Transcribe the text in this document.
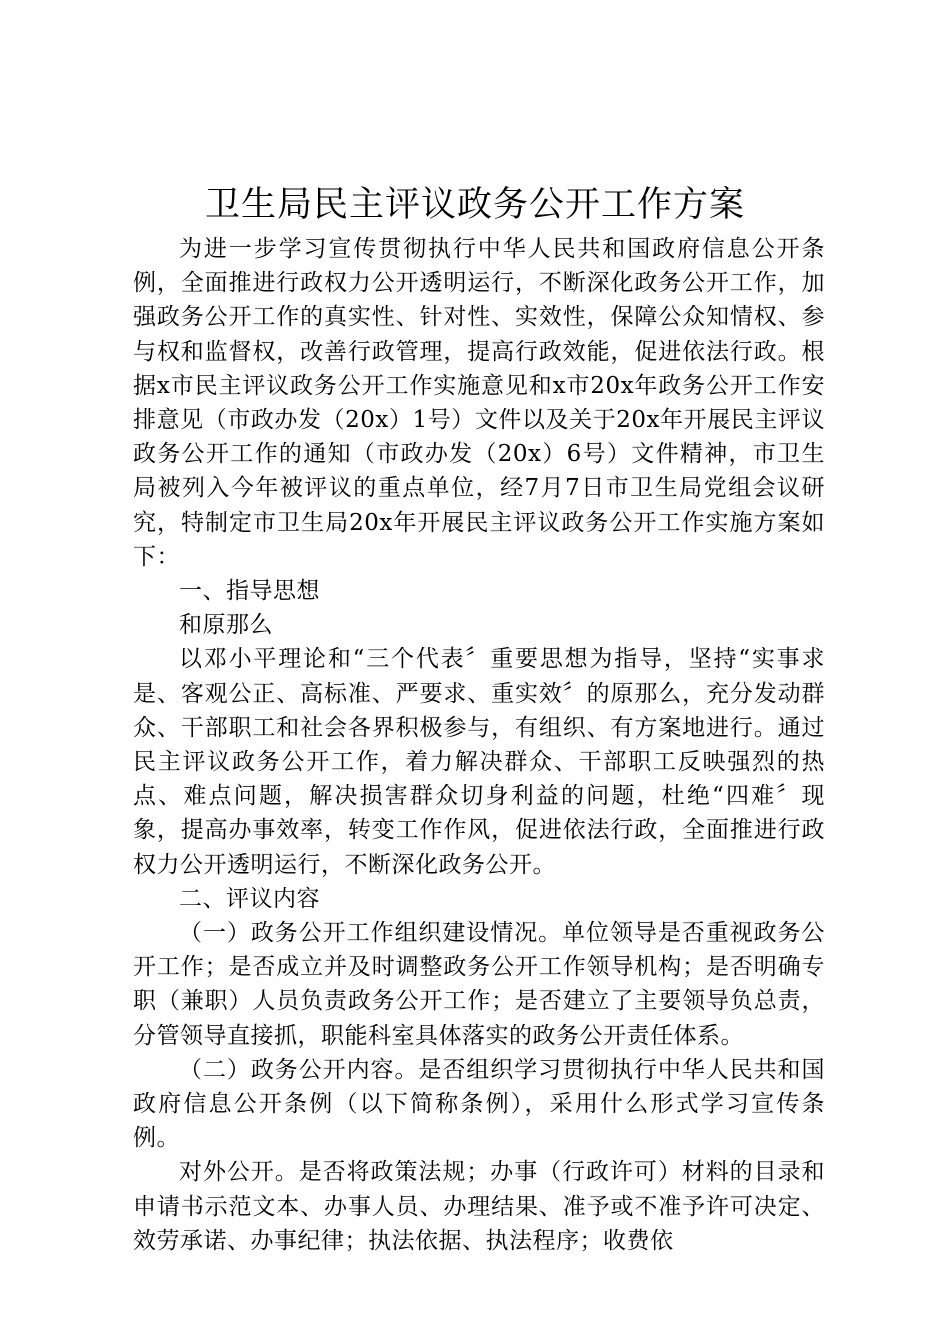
卫生局民主评议政务公开工作方案

为进一步学习宣传贯彻执行中华人民共和国政府信息公开条例，全面推进行政权力公开透明运行，不断深化政务公开工作，加强政务公开工作的真实性、针对性、实效性，保障公众知情权、参与权和监督权，改善行政管理，提高行政效能，促进依法行政。根据x市民主评议政务公开工作实施意见和x市20x年政务公开工作安排意见（市政办发（20x）1号）文件以及关于20x年开展民主评议政务公开工作的通知（市政办发（20x）6号）文件精神，市卫生局被列入今年被评议的重点单位，经7月7日市卫生局党组会议研究，特制定市卫生局20x年开展民主评议政务公开工作实施方案如下：

一、指导思想

和原那么

以邓小平理论和“三个代表〞重要思想为指导，坚持“实事求是、客观公正、高标准、严要求、重实效〞的原那么，充分发动群众、干部职工和社会各界积极参与，有组织、有方案地进行。通过民主评议政务公开工作，着力解决群众、干部职工反映强烈的热点、难点问题，解决损害群众切身利益的问题，杜绝“四难〞现象，提高办事效率，转变工作作风，促进依法行政，全面推进行政权力公开透明运行，不断深化政务公开。

二、评议内容

（一）政务公开工作组织建设情况。单位领导是否重视政务公开工作；是否成立并及时调整政务公开工作领导机构；是否明确专职（兼职）人员负责政务公开工作；是否建立了主要领导负总责，分管领导直接抓，职能科室具体落实的政务公开责任体系。

（二）政务公开内容。是否组织学习贯彻执行中华人民共和国政府信息公开条例（以下简称条例），采用什么形式学习宣传条例。

对外公开。是否将政策法规；办事（行政许可）材料的目录和申请书示范文本、办事人员、办理结果、准予或不准予许可决定、效劳承诺、办事纪律；执法依据、执法程序；收费依
